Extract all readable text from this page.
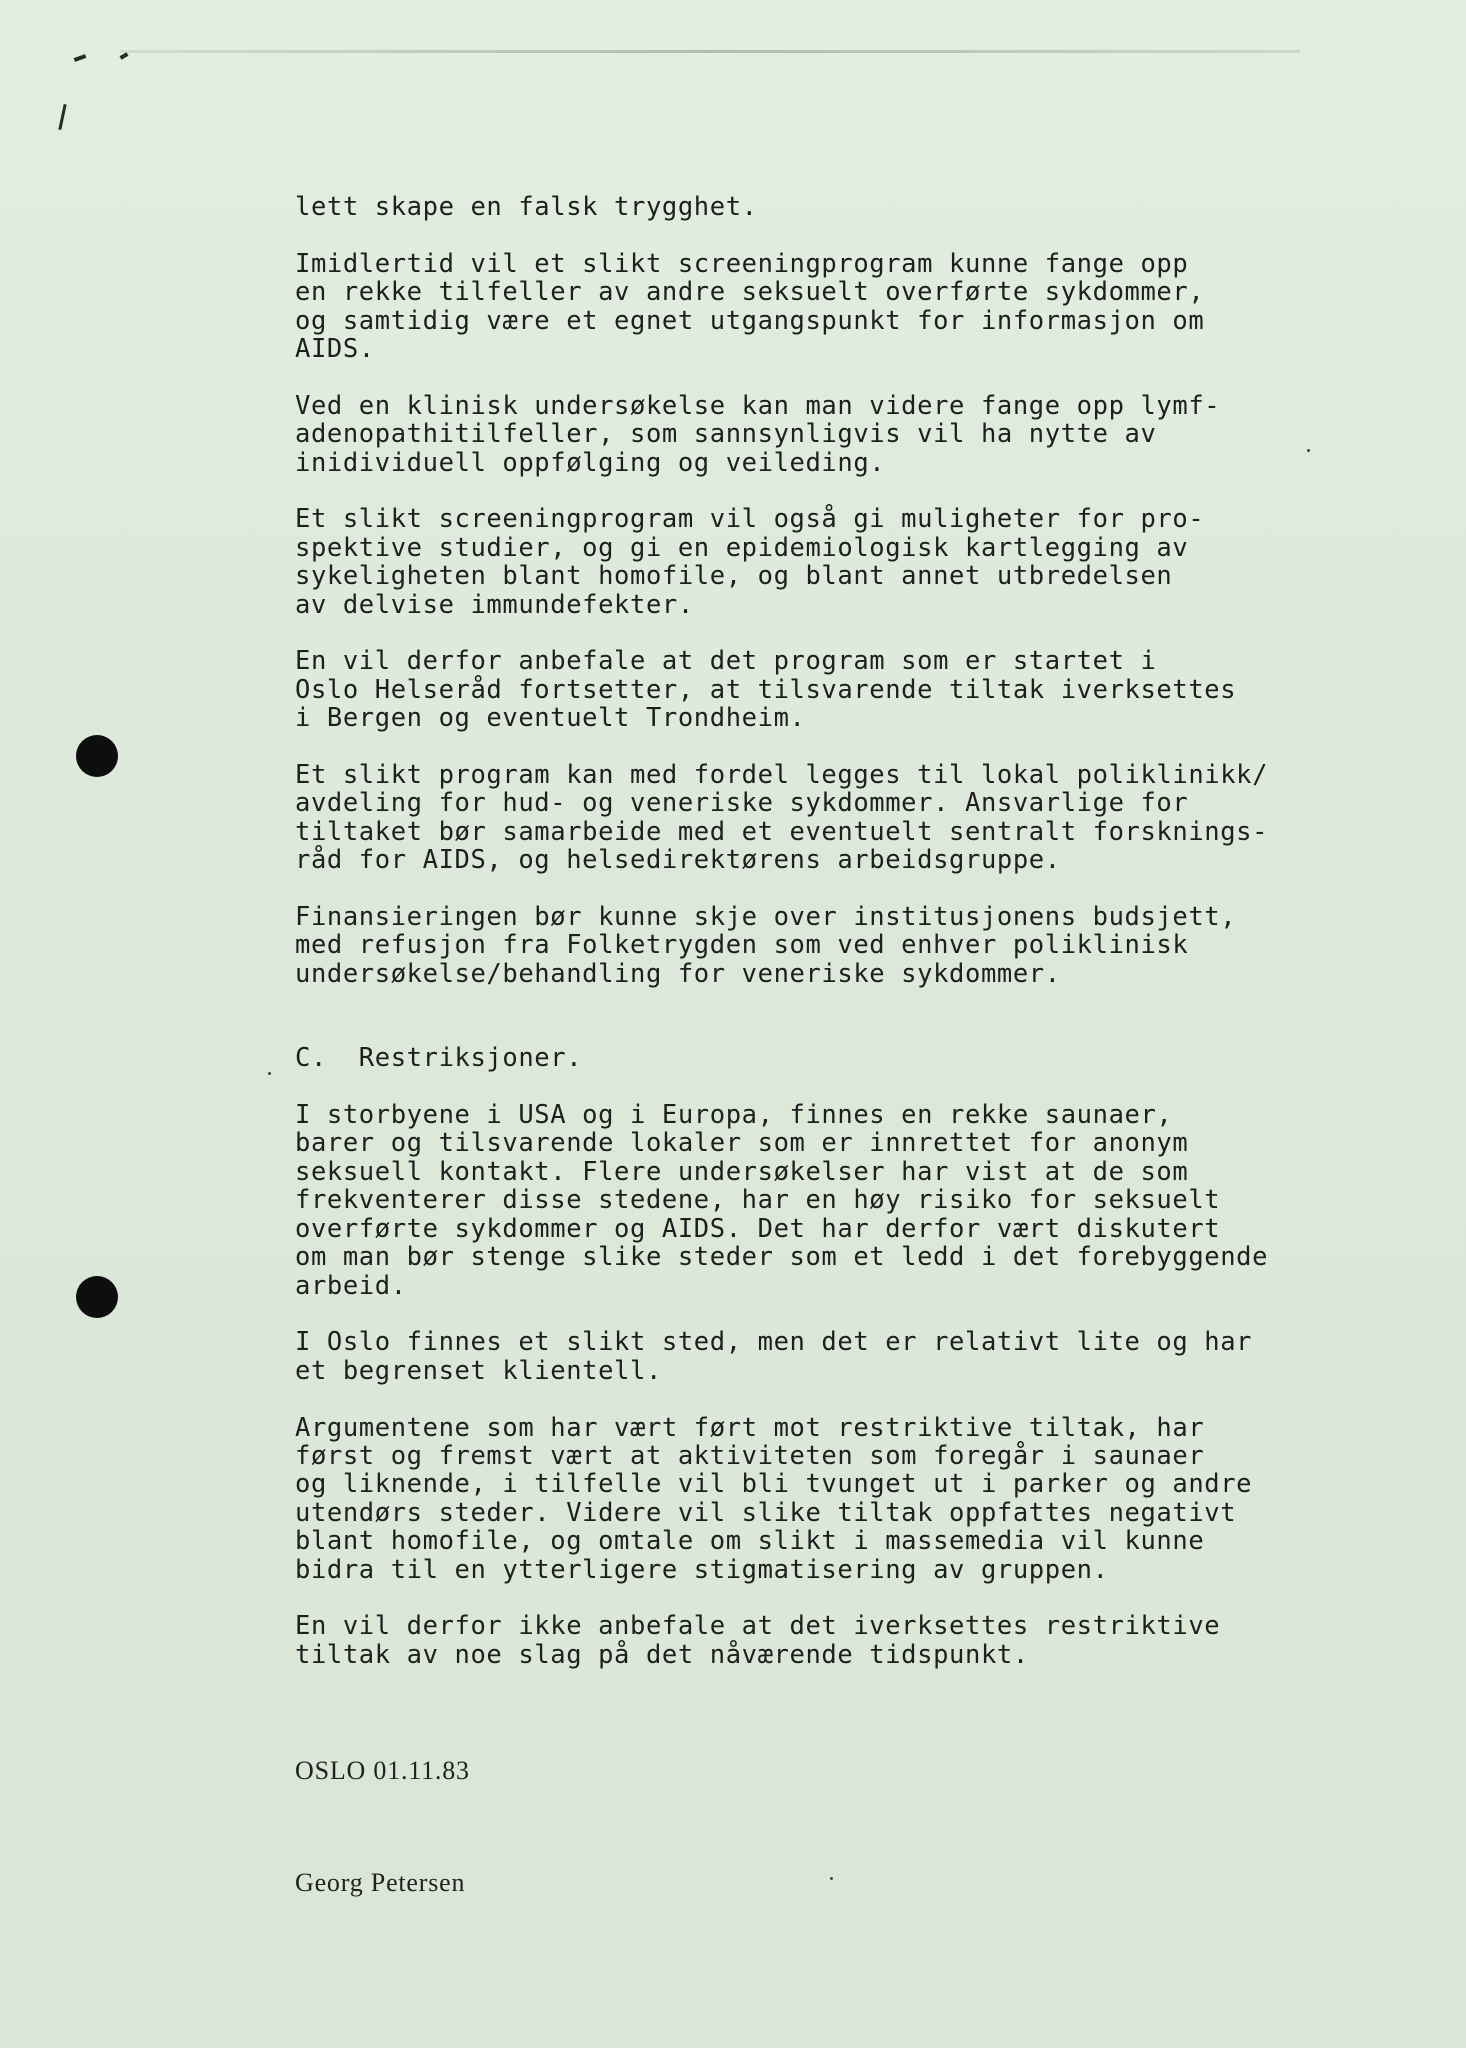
lett skape en falsk trygghet.
Imidlertid vil et slikt screeningprogram kunne fange opp
en rekke tilfeller av andre seksuelt overførte sykdommer,
og samtidig være et egnet utgangspunkt for informasjon om
AIDS.
Ved en klinisk undersøkelse kan man videre fange opp lymf-
adenopathitilfeller, som sannsynligvis vil ha nytte av
inidividuell oppfølging og veileding.
Et slikt screeningprogram vil også gi muligheter for pro-
spektive studier, og gi en epidemiologisk kartlegging av
sykeligheten blant homofile, og blant annet utbredelsen
av delvise immundefekter.
En vil derfor anbefale at det program som er startet i
Oslo Helseråd fortsetter, at tilsvarende tiltak iverksettes
i Bergen og eventuelt Trondheim.
Et slikt program kan med fordel legges til lokal poliklinikk/
avdeling for hud- og veneriske sykdommer. Ansvarlige for
tiltaket bør samarbeide med et eventuelt sentralt forsknings-
råd for AIDS, og helsedirektørens arbeidsgruppe.
Finansieringen bør kunne skje over institusjonens budsjett,
med refusjon fra Folketrygden som ved enhver poliklinisk
undersøkelse/behandling for veneriske sykdommer.
C.  Restriksjoner.
I storbyene i USA og i Europa, finnes en rekke saunaer,
barer og tilsvarende lokaler som er innrettet for anonym
seksuell kontakt. Flere undersøkelser har vist at de som
frekventerer disse stedene, har en høy risiko for seksuelt
overførte sykdommer og AIDS. Det har derfor vært diskutert
om man bør stenge slike steder som et ledd i det forebyggende
arbeid.
I Oslo finnes et slikt sted, men det er relativt lite og har
et begrenset klientell.
Argumentene som har vært ført mot restriktive tiltak, har
først og fremst vært at aktiviteten som foregår i saunaer
og liknende, i tilfelle vil bli tvunget ut i parker og andre
utendørs steder. Videre vil slike tiltak oppfattes negativt
blant homofile, og omtale om slikt i massemedia vil kunne
bidra til en ytterligere stigmatisering av gruppen.
En vil derfor ikke anbefale at det iverksettes restriktive
tiltak av noe slag på det nåværende tidspunkt.
OSLO 01.11.83
Georg Petersen
